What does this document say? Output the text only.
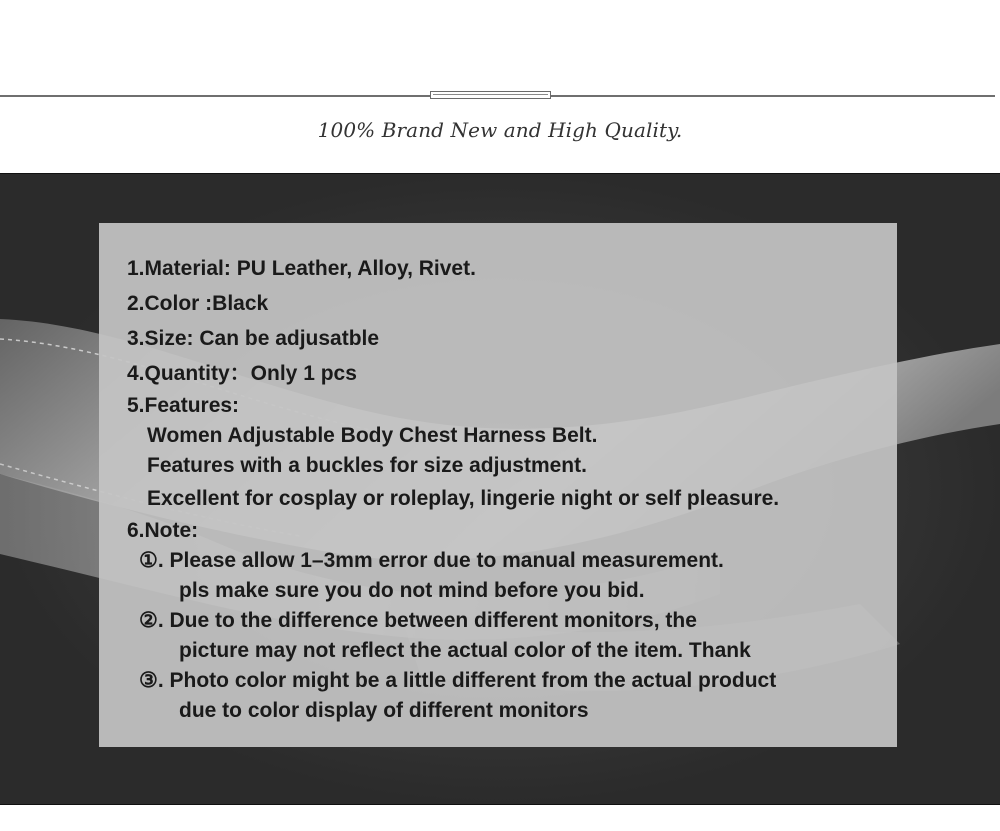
100% Brand New and High Quality.
1.Material: PU Leather, Alloy, Rivet.
2.Color :Black
3.Size: Can be adjusatble
4.Quantity：Only 1 pcs
5.Features:
Women Adjustable Body Chest Harness Belt.
Features with a buckles for size adjustment.
Excellent for cosplay or roleplay, lingerie night or self pleasure.
6.Note:
①. Please allow 1–3mm error due to manual measurement.
pls make sure you do not mind before you bid.
②. Due to the difference between different monitors, the
picture may not reflect the actual color of the item. Thank
③. Photo color might be a little different from the actual product
due to color display of different monitors
